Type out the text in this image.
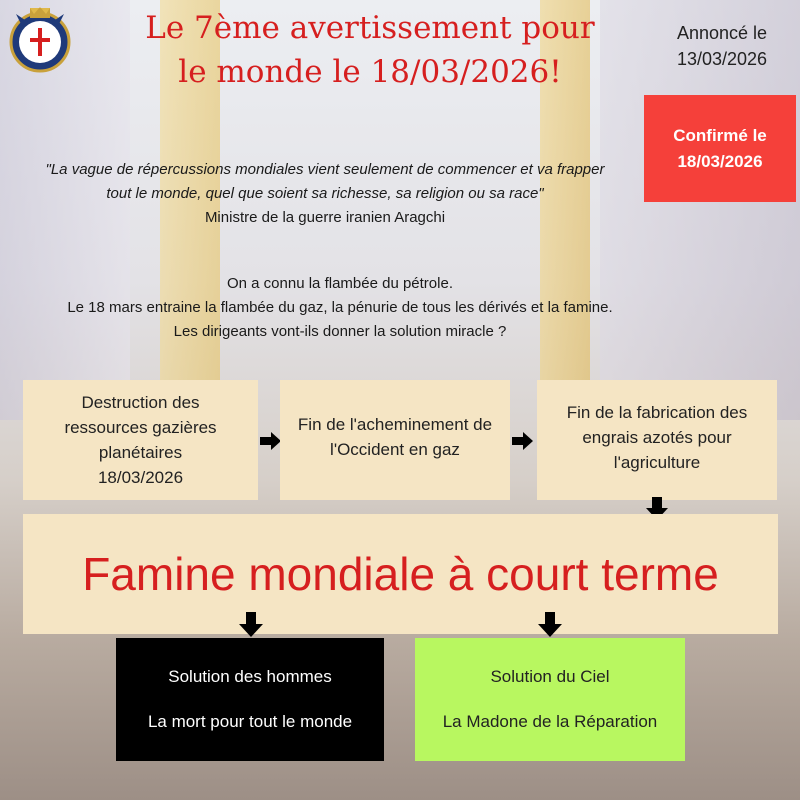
Le 7ème avertissement pour
le monde le 18/03/2026!
Annoncé le
13/03/2026
Confirmé le
18/03/2026
"La vague de répercussions mondiales vient seulement de commencer et va frapper
tout le monde, quel que soient sa richesse, sa religion ou sa race"
Ministre de la guerre iranien Aragchi
On a connu la flambée du pétrole.
Le 18 mars entraine la flambée du gaz, la pénurie de tous les dérivés et la famine.
Les dirigeants vont-ils donner la solution miracle ?
Destruction des
ressources gazières
planétaires
18/03/2026
Fin de l'acheminement de
l'Occident en gaz
Fin de la fabrication des
engrais azotés pour
l'agriculture
Famine mondiale à court terme
Solution des hommes
La mort pour tout le monde
Solution du Ciel
La Madone de la Réparation
